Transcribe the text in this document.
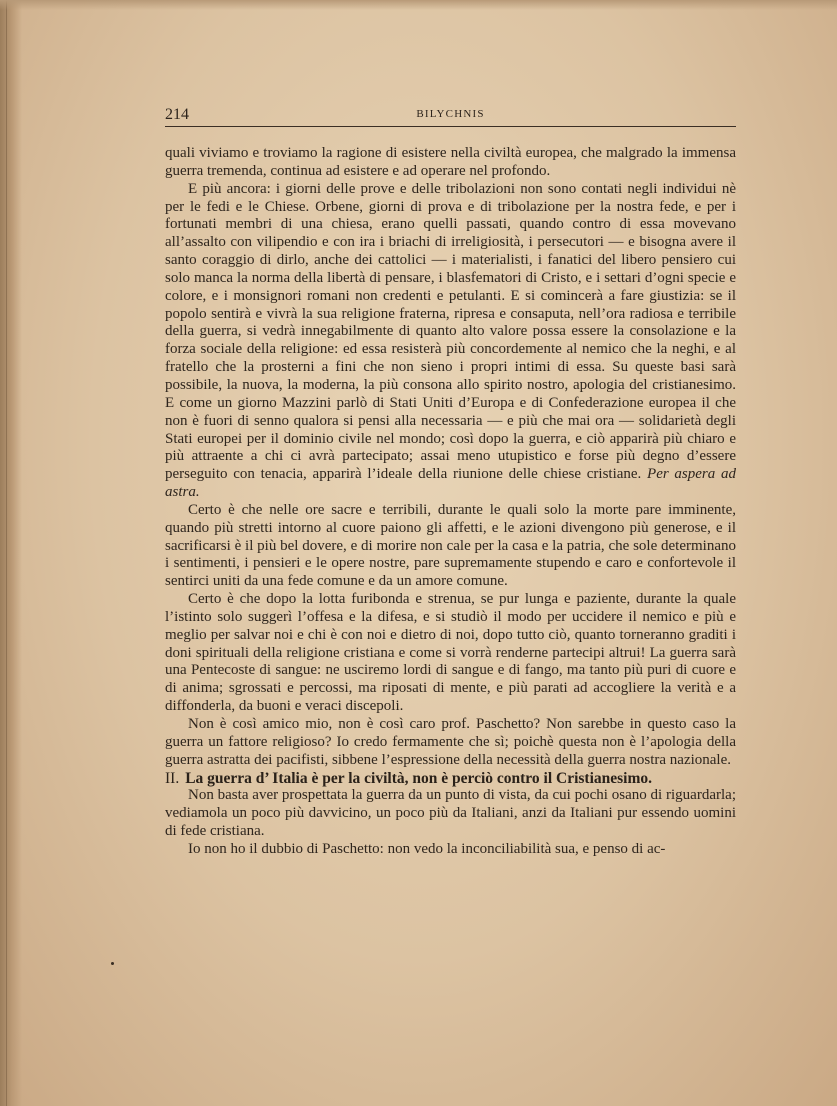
214	BILYCHNIS

quali viviamo e troviamo la ragione di esistere nella civiltà europea, che malgrado la immensa guerra tremenda, continua ad esistere e ad operare nel profondo.

E più ancora: i giorni delle prove e delle tribolazioni non sono contati negli individui nè per le fedi e le Chiese. Orbene, giorni di prova e di tribolazione per la nostra fede, e per i fortunati membri di una chiesa, erano quelli passati, quando contro di essa movevano all’assalto con vilipendio e con ira i briachi di irreligiosità, i persecutori — e bisogna avere il santo coraggio di dirlo, anche dei cattolici — i materialisti, i fanatici del libero pensiero cui solo manca la norma della libertà di pensare, i blasfematori di Cristo, e i settari d’ogni specie e colore, e i monsignori romani non credenti e petulanti. E si comincerà a fare giustizia: se il popolo sentirà e vivrà la sua religione fraterna, ripresa e consaputa, nell’ora radiosa e terribile della guerra, si vedrà innegabilmente di quanto alto valore possa essere la consolazione e la forza sociale della religione: ed essa resisterà più concordemente al nemico che la neghi, e al fratello che la prosterni a fini che non sieno i propri intimi di essa. Su queste basi sarà possibile, la nuova, la moderna, la più consona allo spirito nostro, apologia del cristianesimo. E come un giorno Mazzini parlò di Stati Uniti d’Europa e di Confederazione europea il che non è fuori di senno qualora si pensi alla necessaria — e più che mai ora — solidarietà degli Stati europei per il dominio civile nel mondo; così dopo la guerra, e ciò apparirà più chiaro e più attraente a chi ci avrà partecipato; assai meno utupistico e forse più degno d’essere perseguito con tenacia, apparirà l’ideale della riunione delle chiese cristiane. Per aspera ad astra.

Certo è che nelle ore sacre e terribili, durante le quali solo la morte pare imminente, quando più stretti intorno al cuore paiono gli affetti, e le azioni divengono più generose, e il sacrificarsi è il più bel dovere, e di morire non cale per la casa e la patria, che sole determinano i sentimenti, i pensieri e le opere nostre, pare supremamente stupendo e caro e confortevole il sentirci uniti da una fede comune e da un amore comune.

Certo è che dopo la lotta furibonda e strenua, se pur lunga e paziente, durante la quale l’istinto solo suggerì l’offesa e la difesa, e si studiò il modo per uccidere il nemico e più e meglio per salvar noi e chi è con noi e dietro di noi, dopo tutto ciò, quanto torneranno graditi i doni spirituali della religione cristiana e come si vorrà renderne partecipi altrui! La guerra sarà una Pentecoste di sangue: ne usciremo lordi di sangue e di fango, ma tanto più puri di cuore e di anima; sgrossati e percossi, ma riposati di mente, e più parati ad accogliere la verità e a diffonderla, da buoni e veraci discepoli.

Non è così amico mio, non è così caro prof. Paschetto? Non sarebbe in questo caso la guerra un fattore religioso? Io credo fermamente che sì; poichè questa non è l’apologia della guerra astratta dei pacifisti, sibbene l’espressione della necessità della guerra nostra nazionale.

II. La guerra d’ Italia è per la civiltà, non è perciò contro il Cristianesimo.

Non basta aver prospettata la guerra da un punto di vista, da cui pochi osano di riguardarla; vediamola un poco più davvicino, un poco più da Italiani, anzi da Italiani pur essendo uomini di fede cristiana.

Io non ho il dubbio di Paschetto: non vedo la inconciliabilità sua, e penso di ac-
